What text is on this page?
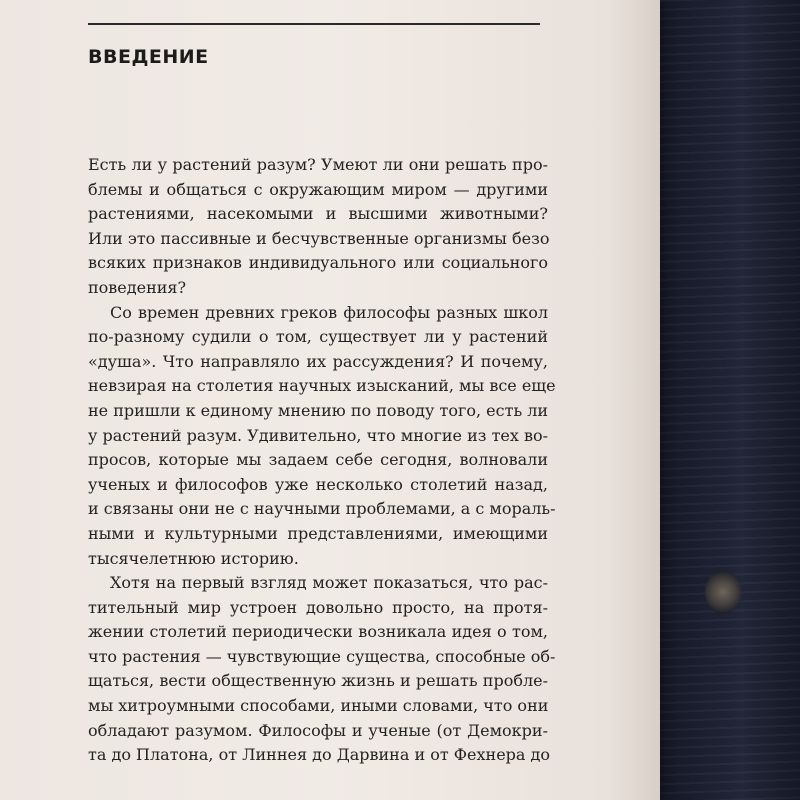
ВВЕДЕНИЕ
Есть ли у растений разум? Умеют ли они решать про-
блемы и общаться с окружающим миром — другими
растениями, насекомыми и высшими животными?
Или это пассивные и бесчувственные организмы безо
всяких признаков индивидуального или социального
поведения?
Со времен древних греков философы разных школ
по-разному судили о том, существует ли у растений
«душа». Что направляло их рассуждения? И почему,
невзирая на столетия научных изысканий, мы все еще
не пришли к единому мнению по поводу того, есть ли
у растений разум. Удивительно, что многие из тех во-
просов, которые мы задаем себе сегодня, волновали
ученых и философов уже несколько столетий назад,
и связаны они не с научными проблемами, а с мораль-
ными и культурными представлениями, имеющими
тысячелетнюю историю.
Хотя на первый взгляд может показаться, что рас-
тительный мир устроен довольно просто, на протя-
жении столетий периодически возникала идея о том,
что растения — чувствующие существа, способные об-
щаться, вести общественную жизнь и решать пробле-
мы хитроумными способами, иными словами, что они
обладают разумом. Философы и ученые (от Демокри-
та до Платона, от Линнея до Дарвина и от Фехнера до
